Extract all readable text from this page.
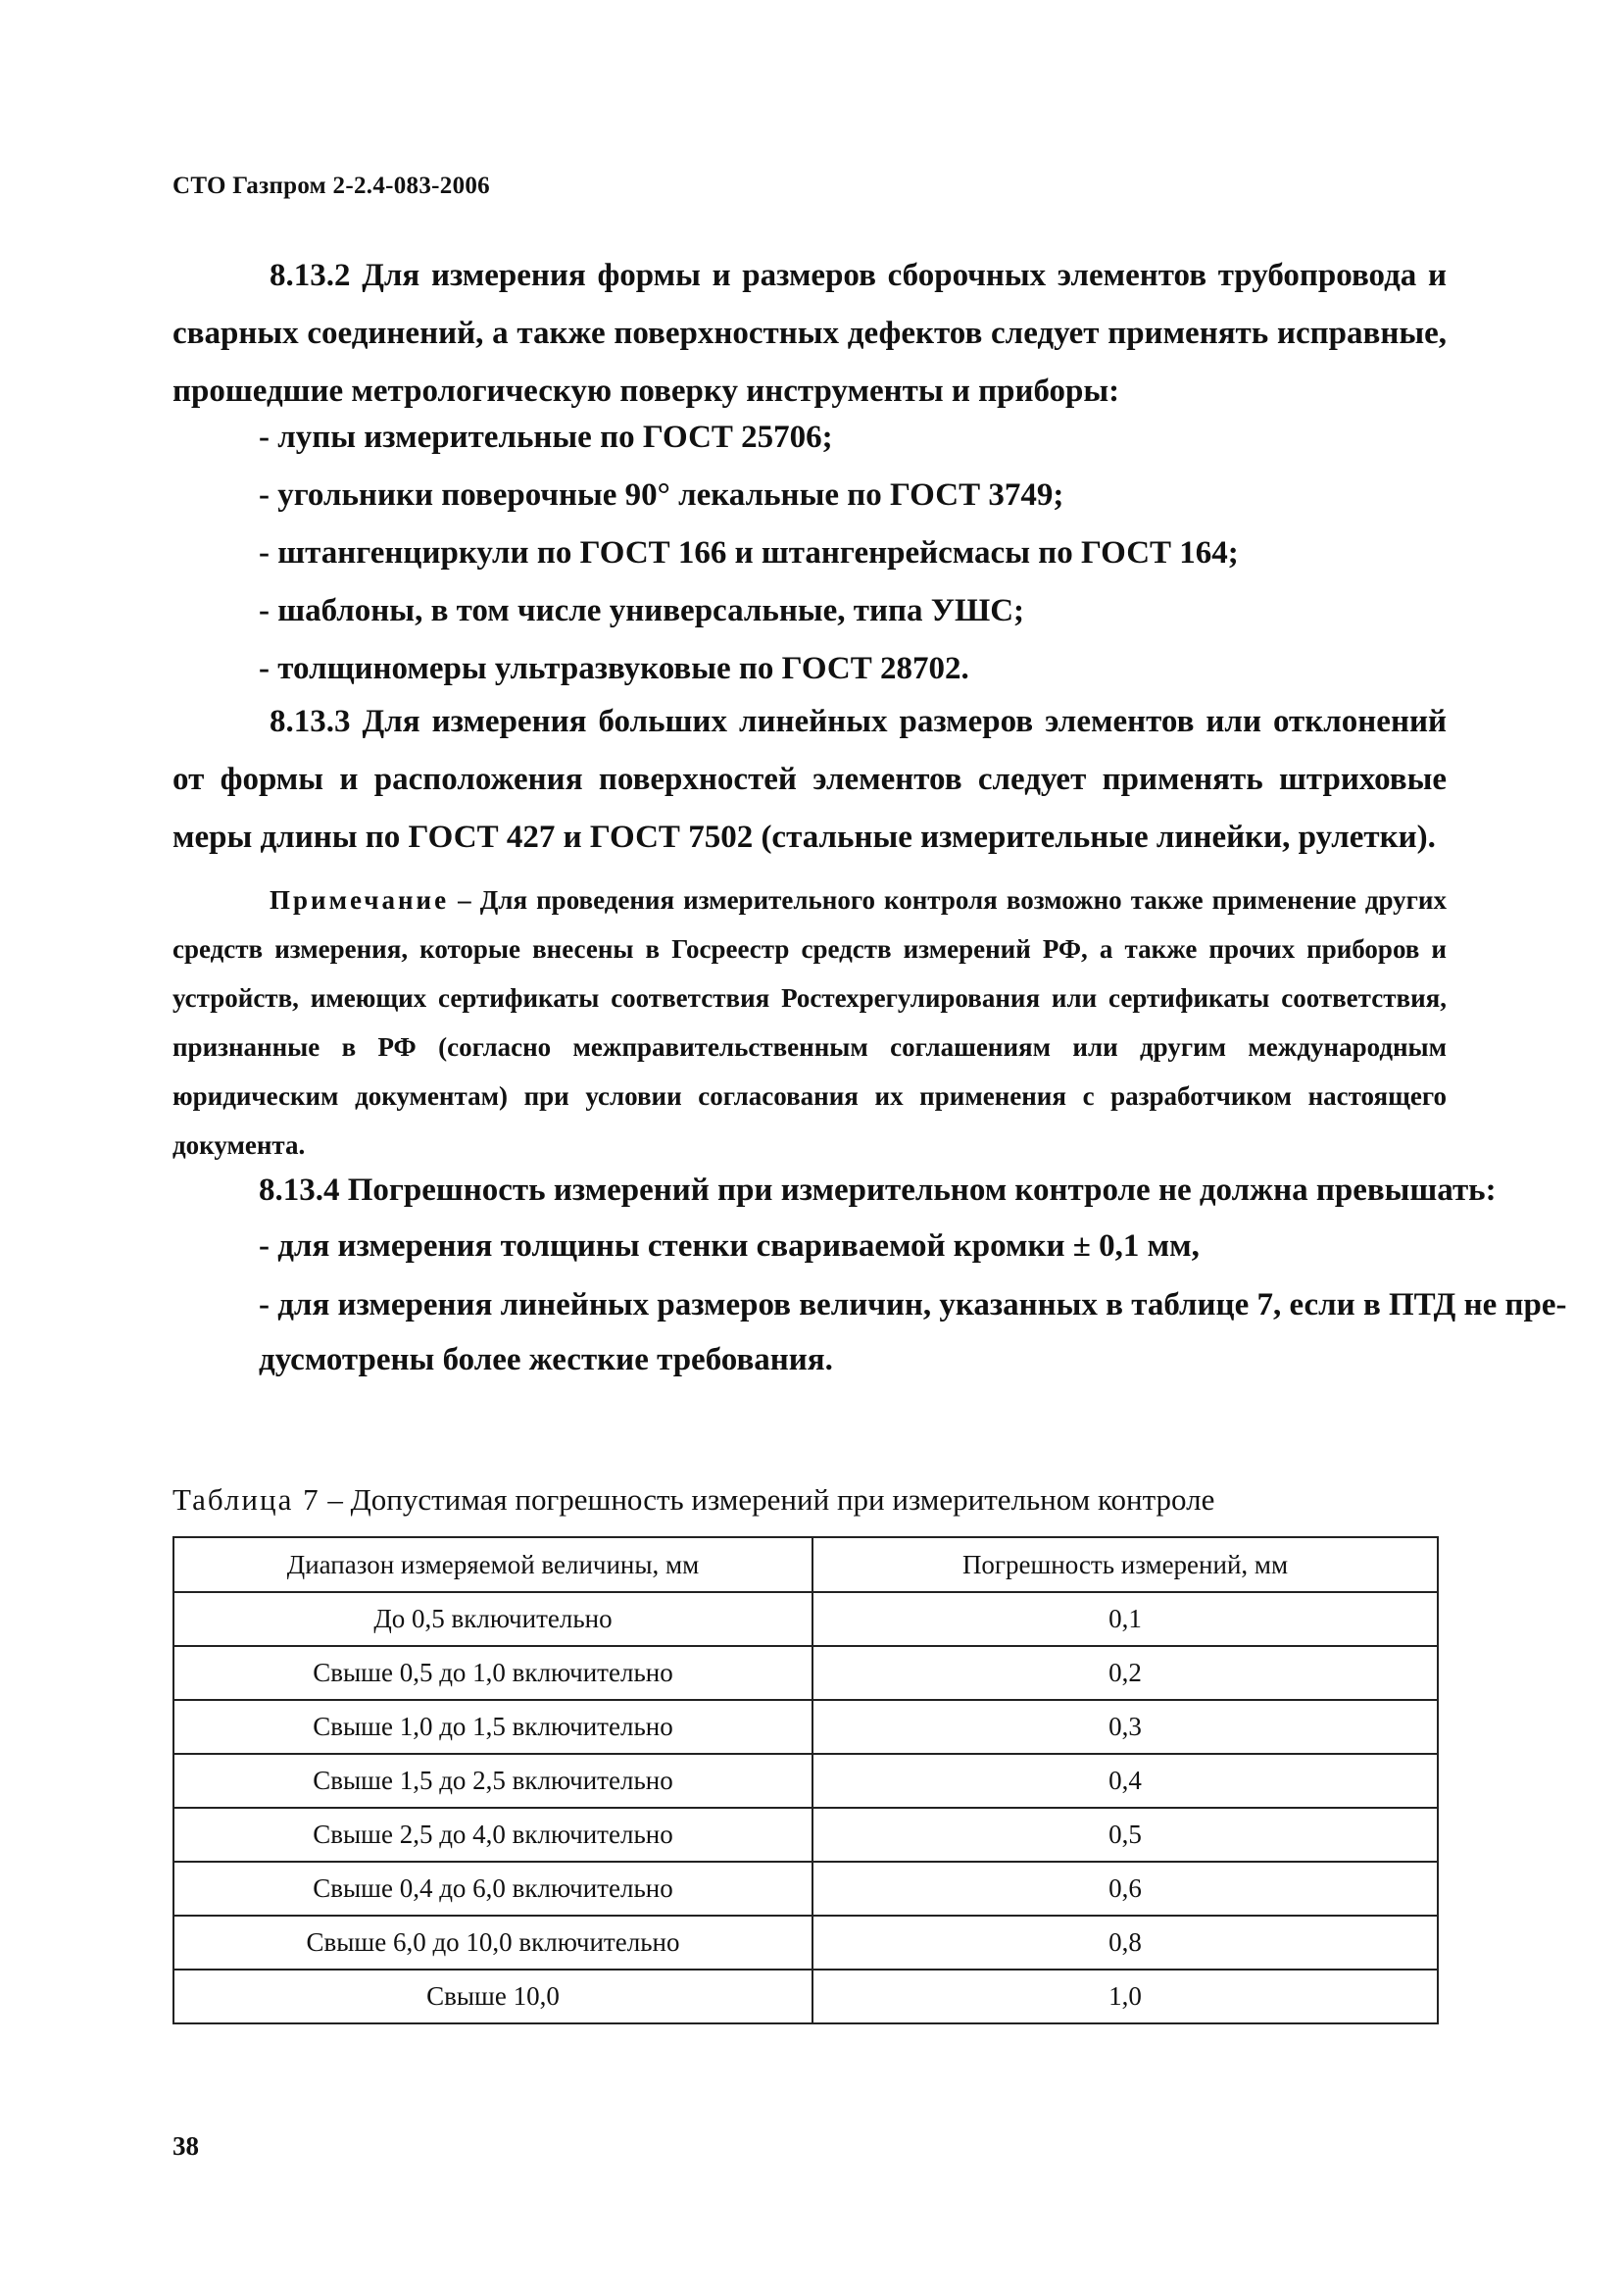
СТО Газпром 2-2.4-083-2006
8.13.2 Для измерения формы и размеров сборочных элементов трубопровода и сварных соединений, а также поверхностных дефектов следует применять исправные, прошедшие метрологическую поверку инструменты и приборы:
- лупы измерительные по ГОСТ 25706;
- угольники поверочные 90° лекальные по ГОСТ 3749;
- штангенциркули по ГОСТ 166 и штангенрейсмасы по ГОСТ 164;
- шаблоны, в том числе универсальные, типа УШС;
- толщиномеры ультразвуковые по ГОСТ 28702.
8.13.3 Для измерения больших линейных размеров элементов или отклонений от формы и расположения поверхностей элементов следует применять штриховые меры длины по ГОСТ 427 и ГОСТ 7502 (стальные измерительные линейки, рулетки).
Примечание – Для проведения измерительного контроля возможно также применение других средств измерения, которые внесены в Госреестр средств измерений РФ, а также прочих приборов и устройств, имеющих сертификаты соответствия Ростехрегулирования или сертификаты соответствия, признанные в РФ (согласно межправительственным соглашениям или другим международным юридическим документам) при условии согласования их применения с разработчиком настоящего документа.
8.13.4 Погрешность измерений при измерительном контроле не должна превышать:
- для измерения толщины стенки свариваемой кромки ± 0,1 мм,
- для измерения линейных размеров величин, указанных в таблице 7, если в ПТД не пре-
дусмотрены более жесткие требования.
Таблица 7 – Допустимая погрешность измерений при измерительном контроле
Диапазон измеряемой величины, мм	Погрешность измерений, мм
До 0,5 включительно	0,1
Свыше 0,5 до 1,0 включительно	0,2
Свыше 1,0 до 1,5 включительно	0,3
Свыше 1,5 до 2,5 включительно	0,4
Свыше 2,5 до 4,0 включительно	0,5
Свыше 0,4 до 6,0 включительно	0,6
Свыше 6,0 до 10,0 включительно	0,8
Свыше 10,0	1,0
38
